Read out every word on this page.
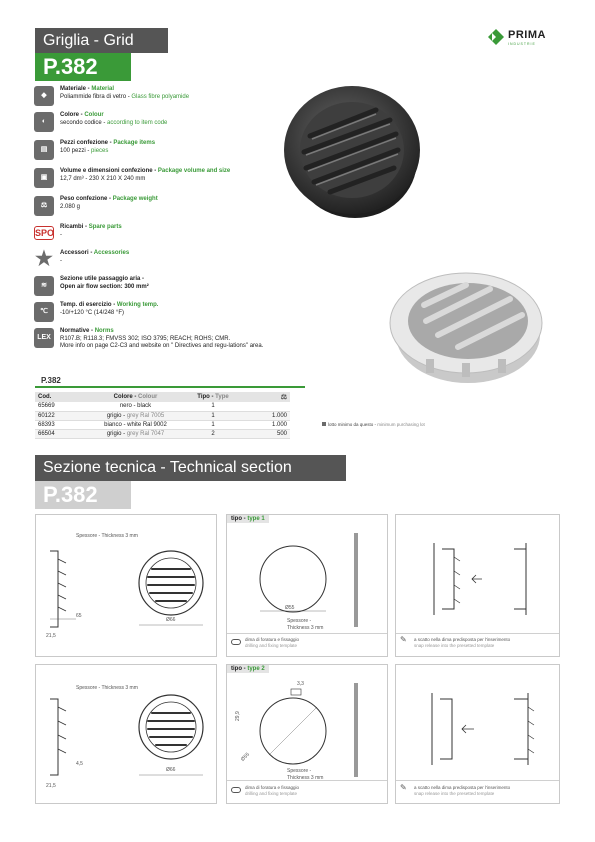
Griglia - Grid
P.382
PRIMA
INDUSTRIE
◆
Materiale - Material
Poliammide fibra di vetro - Glass fibre polyamide
◐
Colore - Colour
secondo codice - according to item code
▤
Pezzi confezione - Package items
100 pezzi - pieces
▣
Volume e dimensioni confezione - Package volume and size
12,7 dm³ - 230 X 210 X 240 mm
⚖
Peso confezione - Package weight
2.080 g
SPO
Ricambi - Spare parts
-
★ Accessori - Accessories
-
≋
Sezione utile passaggio aria -
Open air flow section: 300 mm²
℃
Temp. di esercizio - Working temp.
-10/+120 °C (14/248 °F)
LEX
Normative - Norms
R107.B; R118.3; FMVSS 302; ISO 3795; REACH; ROHS; CMR.
More info on page C2-C3 and website on " Directives and regu-lations" area.
P.382
Cod.	Colore - Colour	Tipo - Type	⚖
65669	nero - black	1	
60122	grigio - grey Ral 7005	1	1.000
68393	bianco - white Ral 9002	1	1.000
66504	grigio - grey Ral 7047	2	500
lotto minimo da questo - minimum purchasing lot
Sezione tecnica - Technical section
P.382
Spessore - Thickness 3 mm
65
21,5
Ø66
tipo - type 1
Ø55
Spessore -
Thickness 3 mm
dima di foratura e fissaggio
drilling and fixing template
✎ a scatto nella dima predisposta per l'inserimento
snap release into the presetted template
Spessore - Thickness 3 mm
4,5
21,5
Ø66
tipo - type 2
3,3
29,9
Ø55
Spessore -
Thickness 3 mm
dima di foratura e fissaggio
drilling and fixing template
✎ a scatto nella dima predisposta per l'inserimento
snap release into the presetted template
